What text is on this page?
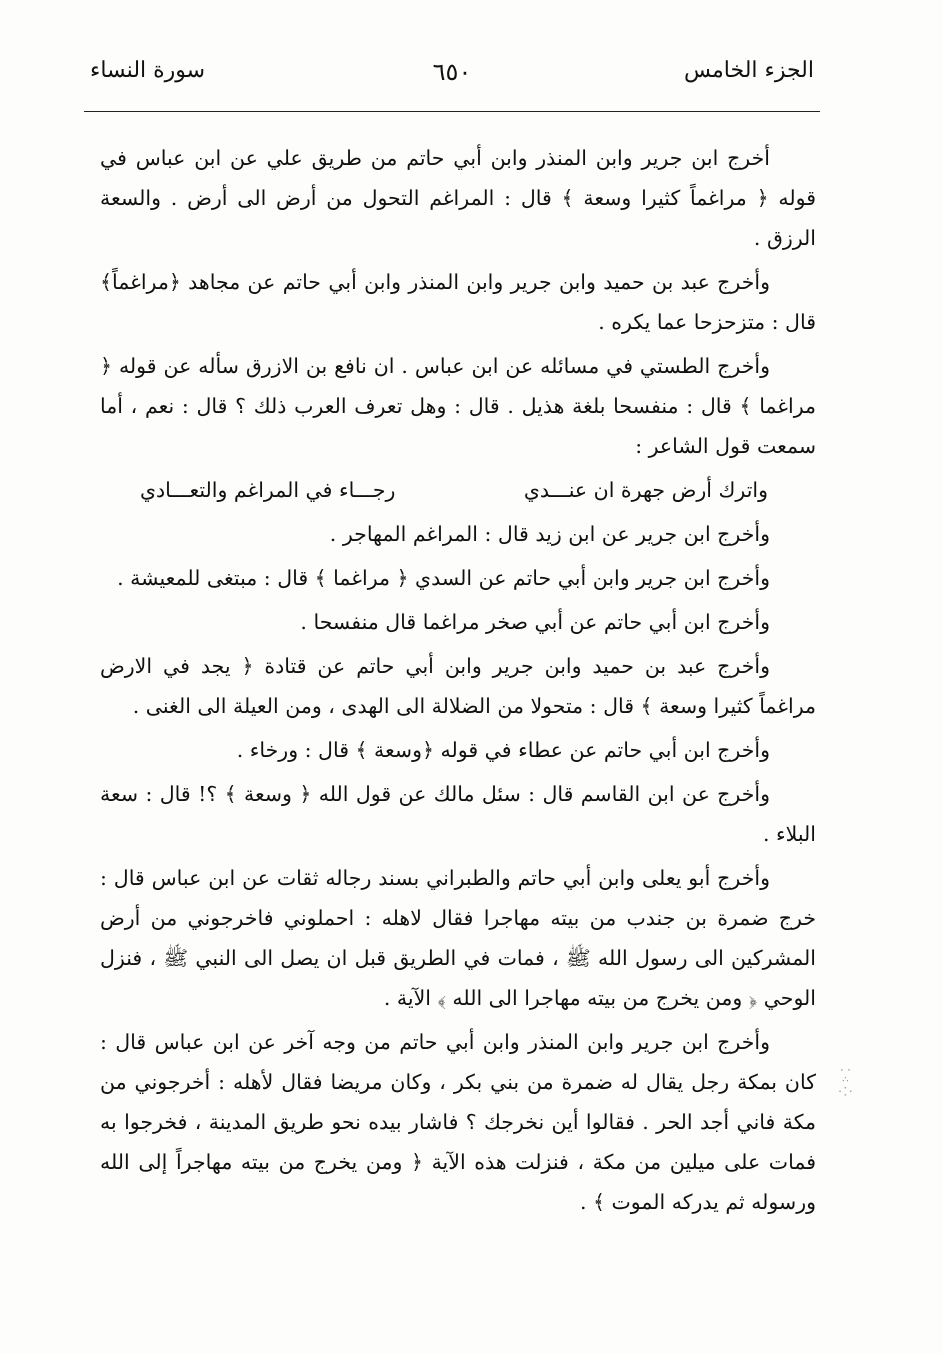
الجزء الخامس
٦٥٠
سورة النساء

أخرج ابن جرير وابن المنذر وابن أبي حاتم من طريق علي عن ابن عباس في قوله ﴿ مراغماً كثيرا وسعة ﴾ قال : المراغم التحول من أرض الى أرض . والسعة الرزق .

وأخرج عبد بن حميد وابن جرير وابن المنذر وابن أبي حاتم عن مجاهد ﴿مراغماً﴾ قال : متزحزحا عما يكره .

وأخرج الطستي في مسائله عن ابن عباس . ان نافع بن الازرق سأله عن قوله ﴿ مراغما ﴾ قال : منفسحا بلغة هذيل . قال : وهل تعرف العرب ذلك ؟ قال : نعم ، أما سمعت قول الشاعر :

واترك أرض جهرة ان عنـــدي
رجـــاء في المراغم والتعـــادي

وأخرج ابن جرير عن ابن زيد قال : المراغم المهاجر .

وأخرج ابن جرير وابن أبي حاتم عن السدي ﴿ مراغما ﴾ قال : مبتغى للمعيشة .

وأخرج ابن أبي حاتم عن أبي صخر مراغما قال منفسحا .

وأخرج عبد بن حميد وابن جرير وابن أبي حاتم عن قتادة ﴿ يجد في الارض مراغماً كثيرا وسعة ﴾ قال : متحولا من الضلالة الى الهدى ، ومن العيلة الى الغنى .

وأخرج ابن أبي حاتم عن عطاء في قوله ﴿وسعة ﴾ قال : ورخاء .

وأخرج عن ابن القاسم قال : سئل مالك عن قول الله ﴿ وسعة ﴾ ؟! قال : سعة البلاء .

وأخرج أبو يعلى وابن أبي حاتم والطبراني بسند رجاله ثقات عن ابن عباس قال : خرج ضمرة بن جندب من بيته مهاجرا فقال لاهله : احملوني فاخرجوني من أرض المشركين الى رسول الله ﷺ ، فمات في الطريق قبل ان يصل الى النبي ﷺ ، فنزل الوحي ﴿ ومن يخرج من بيته مهاجرا الى الله ﴾ الآية .

وأخرج ابن جرير وابن المنذر وابن أبي حاتم من وجه آخر عن ابن عباس قال : كان بمكة رجل يقال له ضمرة من بني بكر ، وكان مريضا فقال لأهله : أخرجوني من مكة فاني أجد الحر . فقالوا أين نخرجك ؟ فاشار بيده نحو طريق المدينة ، فخرجوا به فمات على ميلين من مكة ، فنزلت هذه الآية ﴿ ومن يخرج من بيته مهاجراً إلى الله ورسوله ثم يدركه الموت ﴾ .

⁚ ⁖ ⁛
